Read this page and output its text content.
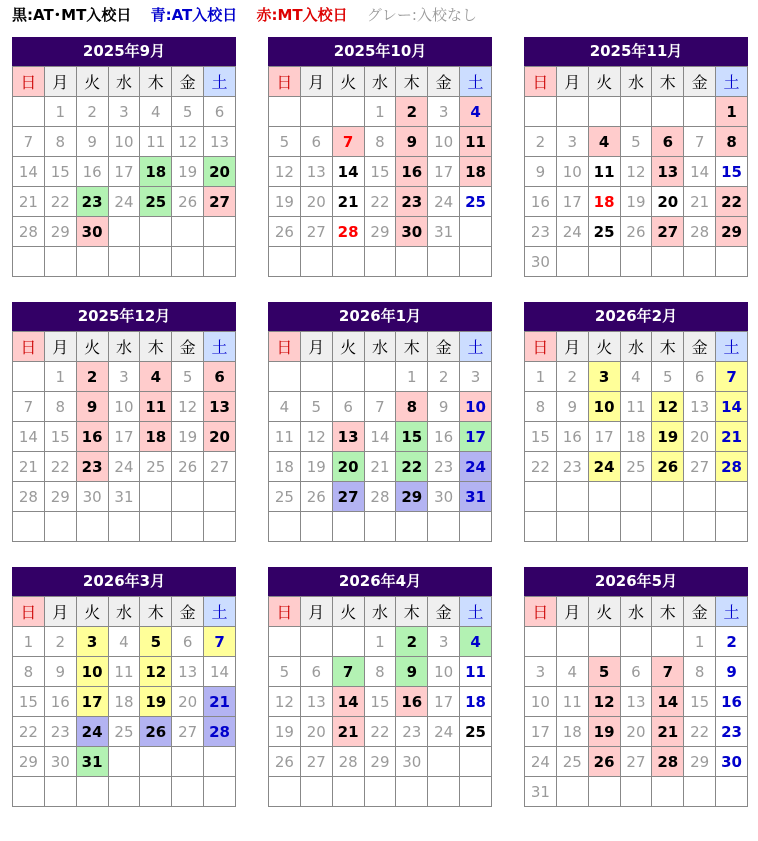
黒:AT･MT入校日 青:AT入校日 赤:MT入校日 グレー:入校なし
2025年9月
日	月	火	水	木	金	土
	1	2	3	4	5	6
7	8	9	10	11	12	13
14	15	16	17	18	19	20
21	22	23	24	25	26	27
28	29	30				

2025年10月
日	月	火	水	木	金	土
			1	2	3	4
5	6	7	8	9	10	11
12	13	14	15	16	17	18
19	20	21	22	23	24	25
26	27	28	29	30	31	

2025年11月
日	月	火	水	木	金	土
						1
2	3	4	5	6	7	8
9	10	11	12	13	14	15
16	17	18	19	20	21	22
23	24	25	26	27	28	29
30						
2025年12月
日	月	火	水	木	金	土
	1	2	3	4	5	6
7	8	9	10	11	12	13
14	15	16	17	18	19	20
21	22	23	24	25	26	27
28	29	30	31			

2026年1月
日	月	火	水	木	金	土
				1	2	3
4	5	6	7	8	9	10
11	12	13	14	15	16	17
18	19	20	21	22	23	24
25	26	27	28	29	30	31

2026年2月
日	月	火	水	木	金	土
1	2	3	4	5	6	7
8	9	10	11	12	13	14
15	16	17	18	19	20	21
22	23	24	25	26	27	28

2026年3月
日	月	火	水	木	金	土
1	2	3	4	5	6	7
8	9	10	11	12	13	14
15	16	17	18	19	20	21
22	23	24	25	26	27	28
29	30	31				

2026年4月
日	月	火	水	木	金	土
			1	2	3	4
5	6	7	8	9	10	11
12	13	14	15	16	17	18
19	20	21	22	23	24	25
26	27	28	29	30		

2026年5月
日	月	火	水	木	金	土
					1	2
3	4	5	6	7	8	9
10	11	12	13	14	15	16
17	18	19	20	21	22	23
24	25	26	27	28	29	30
31						
